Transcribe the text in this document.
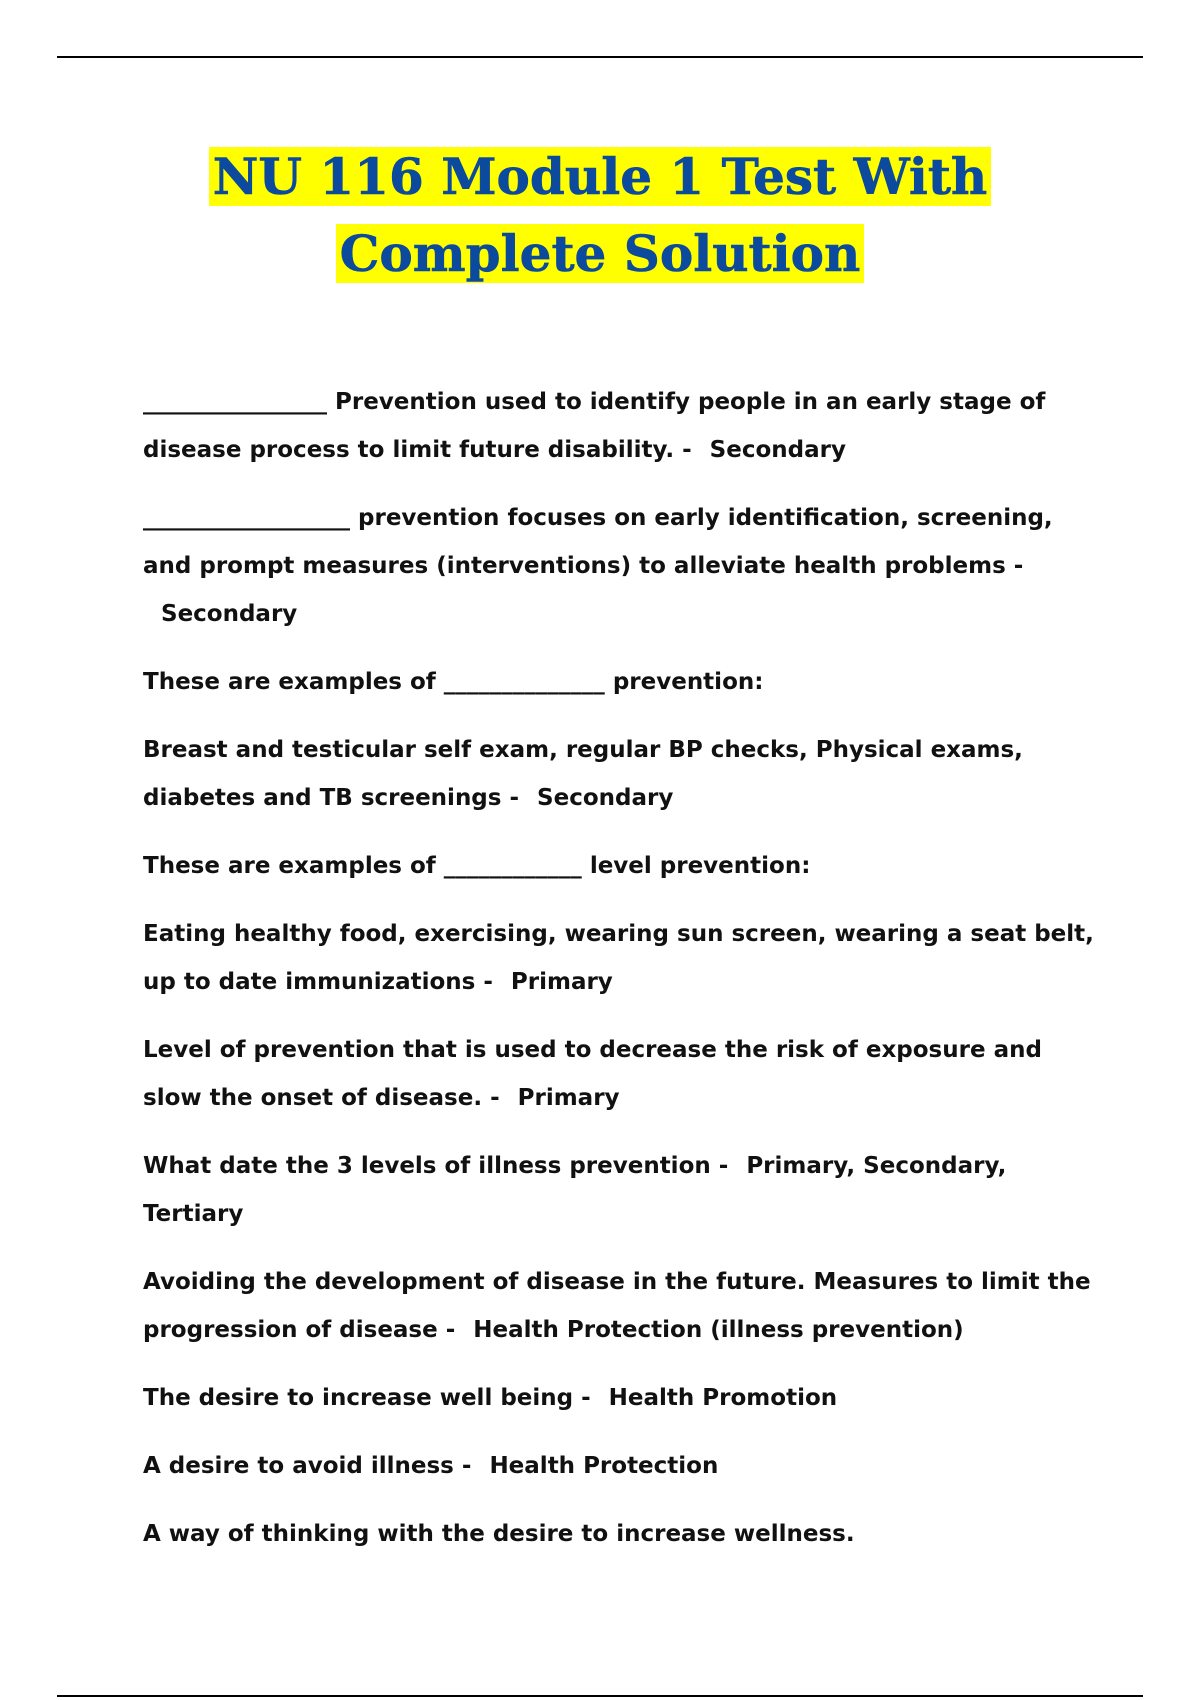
NU 116 Module 1 Test With
Complete Solution
________________ Prevention used to identify people in an early stage of disease process to limit future disability. - Secondary
__________________ prevention focuses on early identification, screening, and prompt measures (interventions) to alleviate health problems -Secondary
These are examples of ______________ prevention:
Breast and testicular self exam, regular BP checks, Physical exams, diabetes and TB screenings - Secondary
These are examples of ____________ level prevention:
Eating healthy food, exercising, wearing sun screen, wearing a seat belt, up to date immunizations - Primary
Level of prevention that is used to decrease the risk of exposure and slow the onset of disease. - Primary
What date the 3 levels of illness prevention - Primary, Secondary, Tertiary
Avoiding the development of disease in the future. Measures to limit the progression of disease - Health Protection (illness prevention)
The desire to increase well being - Health Promotion
A desire to avoid illness - Health Protection
A way of thinking with the desire to increase wellness.
